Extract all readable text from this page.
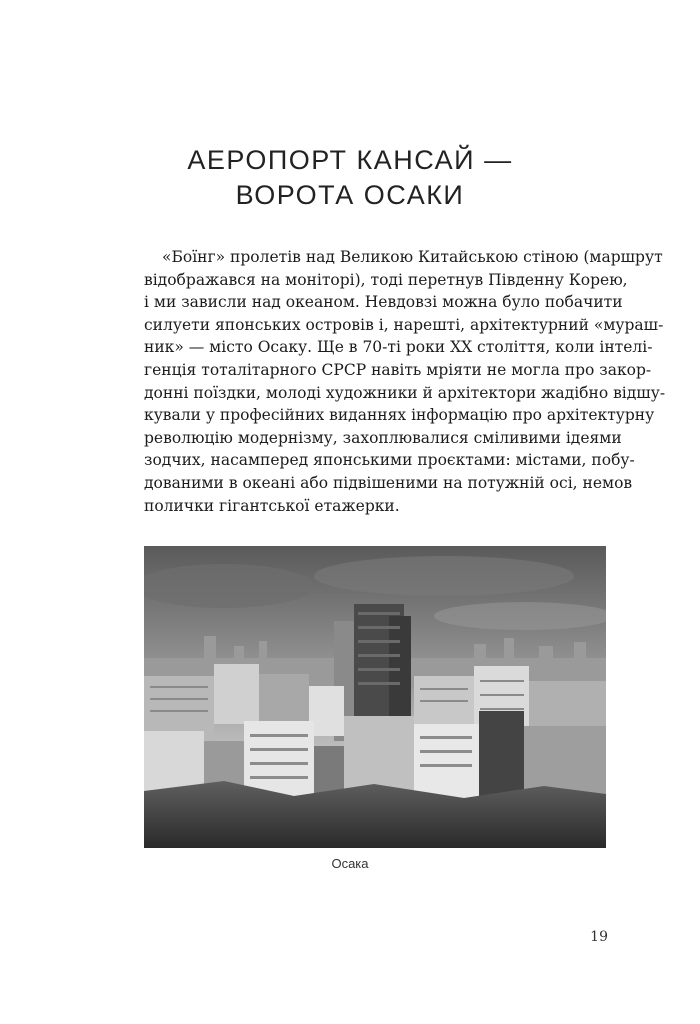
АЕРОПОРТ КАНСАЙ —
ВОРОТА ОСАКИ
«Боїнг» пролетів над Великою Китайською стіною (маршрут
відображався на моніторі), тоді перетнув Південну Корею,
і ми зависли над океаном. Невдовзі можна було побачити
силуети японських островів і, нарешті, архітектурний «мураш-
ник» — місто Осаку. Ще в 70-ті роки ХХ століття, коли інтелі-
генція тоталітарного СРСР навіть мріяти не могла про закор-
донні поїздки, молоді художники й архітектори жадібно відшу-
кували у професійних виданнях інформацію про архітектурну
революцію модернізму, захоплювалися сміливими ідеями
зодчих, насамперед японськими проєктами: містами, побу-
дованими в океані або підвішеними на потужній осі, немов
полички гігантської етажерки.
Осака
19
